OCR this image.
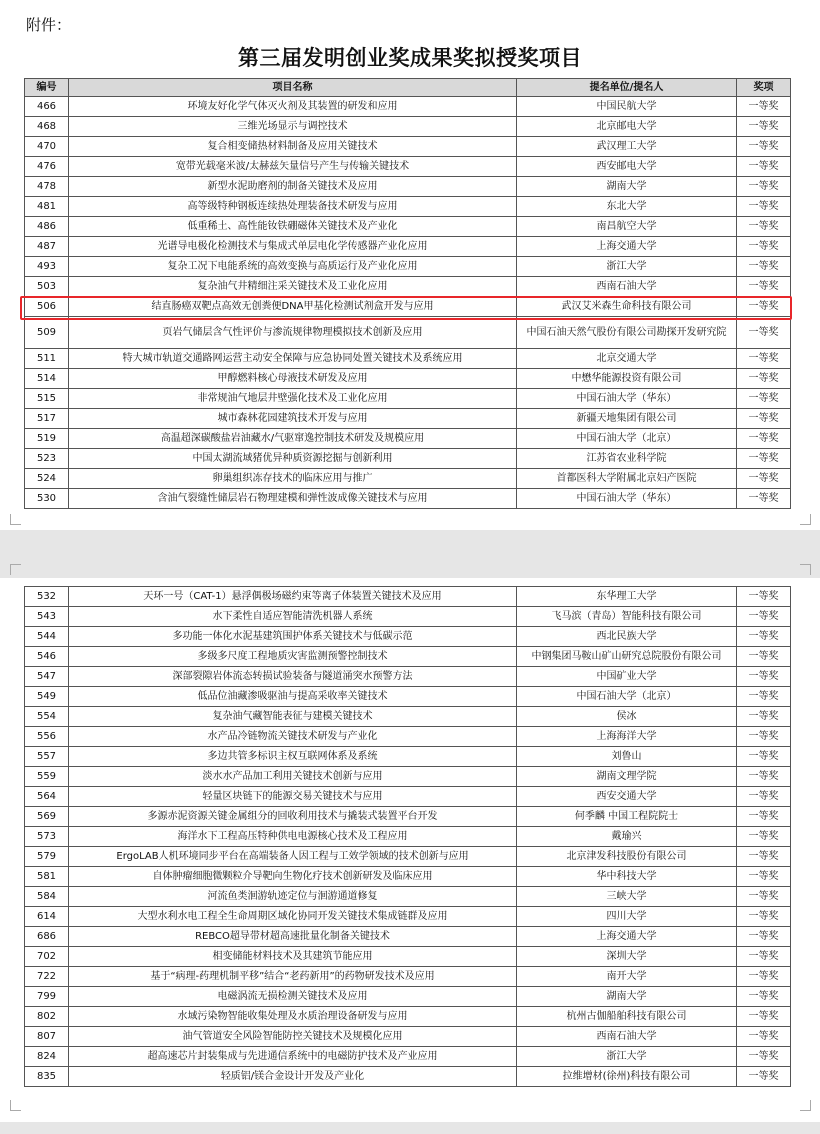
附件：
第三届发明创业奖成果奖拟授奖项目
编号	项目名称	提名单位/提名人	奖项
466	环境友好化学气体灭火剂及其装置的研发和应用	中国民航大学	一等奖
468	三维光场显示与调控技术	北京邮电大学	一等奖
470	复合相变储热材料制备及应用关键技术	武汉理工大学	一等奖
476	宽带光载毫米波/太赫兹矢量信号产生与传输关键技术	西安邮电大学	一等奖
478	新型水泥助磨剂的制备关键技术及应用	湖南大学	一等奖
481	高等级特种钢板连续热处理装备技术研发与应用	东北大学	一等奖
486	低重稀土、高性能钕铁硼磁体关键技术及产业化	南昌航空大学	一等奖
487	光谱导电极化检测技术与集成式单层电化学传感器产业化应用	上海交通大学	一等奖
493	复杂工况下电能系统的高效变换与高质运行及产业化应用	浙江大学	一等奖
503	复杂油气井精细注采关键技术及工业化应用	西南石油大学	一等奖
506	结直肠癌双靶点高效无创粪便DNA甲基化检测试剂盒开发与应用	武汉艾米森生命科技有限公司	一等奖
509	页岩气储层含气性评价与渗流规律物理模拟技术创新及应用	中国石油天然气股份有限公司勘探开发研究院	一等奖
511	特大城市轨道交通路网运营主动安全保障与应急协同处置关键技术及系统应用	北京交通大学	一等奖
514	甲醇燃料核心母液技术研发及应用	中懋华能源投资有限公司	一等奖
515	非常规油气地层井壁强化技术及工业化应用	中国石油大学（华东）	一等奖
517	城市森林花园建筑技术开发与应用	新疆天地集团有限公司	一等奖
519	高温超深碳酸盐岩油藏水/气驱窜逸控制技术研发及规模应用	中国石油大学（北京）	一等奖
523	中国太湖流域猪优异种质资源挖掘与创新利用	江苏省农业科学院	一等奖
524	卵巢组织冻存技术的临床应用与推广	首都医科大学附属北京妇产医院	一等奖
530	含油气裂缝性储层岩石物理建模和弹性波成像关键技术与应用	中国石油大学（华东）	一等奖
532	天环一号（CAT-1）悬浮偶极场磁约束等离子体装置关键技术及应用	东华理工大学	一等奖
543	水下柔性自适应智能清洗机器人系统	飞马滨（青岛）智能科技有限公司	一等奖
544	多功能一体化水泥基建筑围护体系关键技术与低碳示范	西北民族大学	一等奖
546	多级多尺度工程地质灾害监测预警控制技术	中钢集团马鞍山矿山研究总院股份有限公司	一等奖
547	深部裂隙岩体流态转损试验装备与隧道涌突水预警方法	中国矿业大学	一等奖
549	低品位油藏渗吸驱油与提高采收率关键技术	中国石油大学（北京）	一等奖
554	复杂油气藏智能表征与建模关键技术	侯冰	一等奖
556	水产品冷链物流关键技术研发与产业化	上海海洋大学	一等奖
557	多边共管多标识主权互联网体系及系统	刘鲁山	一等奖
559	淡水水产品加工利用关键技术创新与应用	湖南文理学院	一等奖
564	轻量区块链下的能源交易关键技术与应用	西安交通大学	一等奖
569	多源赤泥资源关键金属组分的回收利用技术与撬装式装置平台开发	何季麟 中国工程院院士	一等奖
573	海洋水下工程高压特种供电电源核心技术及工程应用	戴瑜兴	一等奖
579	ErgoLAB人机环境同步平台在高端装备人因工程与工效学领域的技术创新与应用	北京津发科技股份有限公司	一等奖
581	自体肿瘤细胞微颗粒介导靶向生物化疗技术创新研发及临床应用	华中科技大学	一等奖
584	河流鱼类洄游轨迹定位与洄游通道修复	三峡大学	一等奖
614	大型水利水电工程全生命周期区域化协同开发关键技术集成链群及应用	四川大学	一等奖
686	REBCO超导带材超高速批量化制备关键技术	上海交通大学	一等奖
702	相变储能材料技术及其建筑节能应用	深圳大学	一等奖
722	基于“病理-药理机制平移”结合“老药新用”的药物研发技术及应用	南开大学	一等奖
799	电磁涡流无损检测关键技术及应用	湖南大学	一等奖
802	水域污染物智能收集处理及水质治理设备研发与应用	杭州古伽船舶科技有限公司	一等奖
807	油气管道安全风险智能防控关键技术及规模化应用	西南石油大学	一等奖
824	超高速芯片封装集成与先进通信系统中的电磁防护技术及产业应用	浙江大学	一等奖
835	轻质铝/镁合金设计开发及产业化	拉维增材(徐州)科技有限公司	一等奖
